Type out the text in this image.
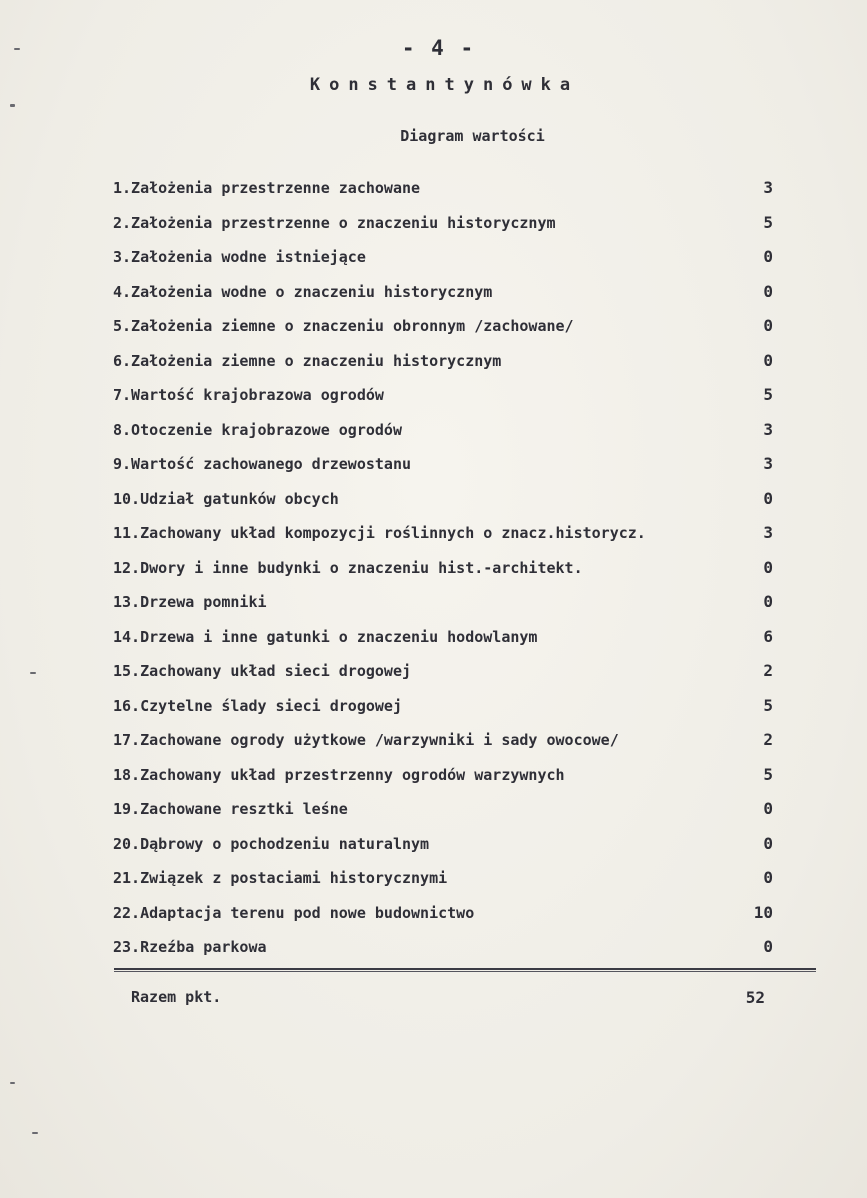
- 4 -
Konstantynówka
Diagram wartości
1.Założenia przestrzenne zachowane	3
2.Założenia przestrzenne o znaczeniu historycznym	5
3.Założenia wodne istniejące	0
4.Założenia wodne o znaczeniu historycznym	0
5.Założenia ziemne o znaczeniu obronnym /zachowane/	0
6.Założenia ziemne o znaczeniu historycznym	0
7.Wartość krajobrazowa ogrodów	5
8.Otoczenie krajobrazowe ogrodów	3
9.Wartość zachowanego drzewostanu	3
10.Udział gatunków obcych	0
11.Zachowany układ kompozycji roślinnych o znacz.historycz.	3
12.Dwory i inne budynki o znaczeniu hist.-architekt.	0
13.Drzewa pomniki	0
14.Drzewa i inne gatunki o znaczeniu hodowlanym	6
15.Zachowany układ sieci drogowej	2
16.Czytelne ślady sieci drogowej	5
17.Zachowane ogrody użytkowe /warzywniki i sady owocowe/	2
18.Zachowany układ przestrzenny ogrodów warzywnych	5
19.Zachowane resztki leśne	0
20.Dąbrowy o pochodzeniu naturalnym	0
21.Związek z postaciami historycznymi	0
22.Adaptacja terenu pod nowe budownictwo	10
23.Rzeźba parkowa	0
Razem pkt.	52
